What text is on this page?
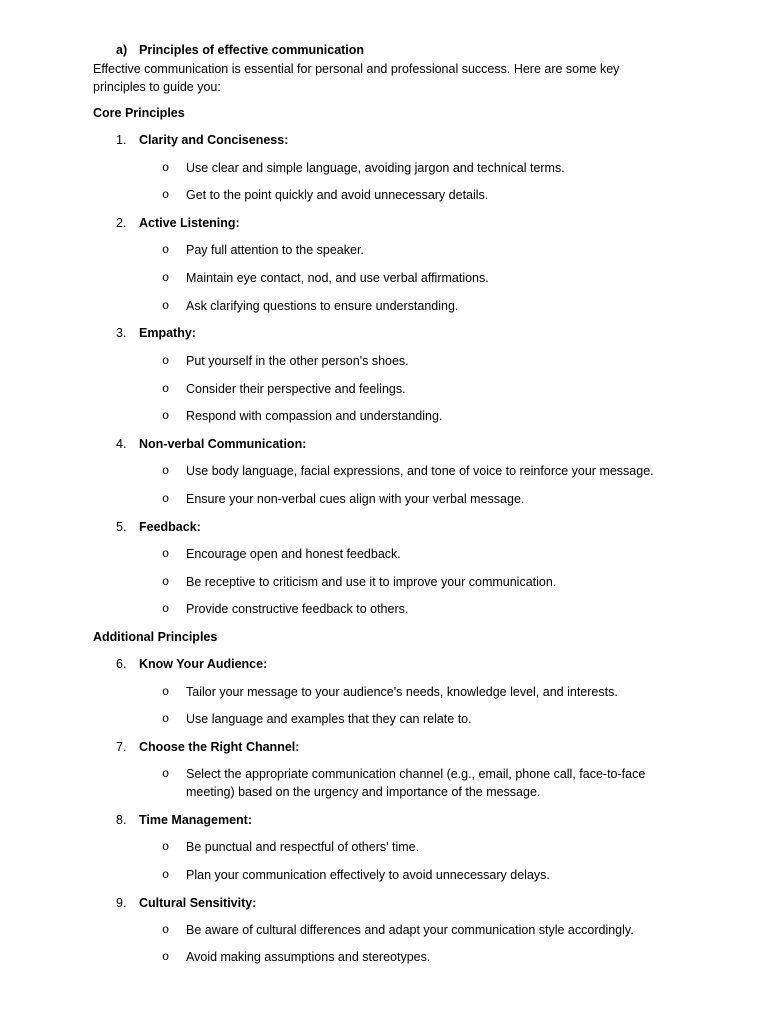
a) Principles of effective communication
Effective communication is essential for personal and professional success. Here are some key principles to guide you:
Core Principles
1. Clarity and Conciseness:
o Use clear and simple language, avoiding jargon and technical terms.
o Get to the point quickly and avoid unnecessary details.
2. Active Listening:
o Pay full attention to the speaker.
o Maintain eye contact, nod, and use verbal affirmations.
o Ask clarifying questions to ensure understanding.
3. Empathy:
o Put yourself in the other person's shoes.
o Consider their perspective and feelings.
o Respond with compassion and understanding.
4. Non-verbal Communication:
o Use body language, facial expressions, and tone of voice to reinforce your message.
o Ensure your non-verbal cues align with your verbal message.
5. Feedback:
o Encourage open and honest feedback.
o Be receptive to criticism and use it to improve your communication.
o Provide constructive feedback to others.
Additional Principles
6. Know Your Audience:
o Tailor your message to your audience's needs, knowledge level, and interests.
o Use language and examples that they can relate to.
7. Choose the Right Channel:
o Select the appropriate communication channel (e.g., email, phone call, face-to-face meeting) based on the urgency and importance of the message.
8. Time Management:
o Be punctual and respectful of others' time.
o Plan your communication effectively to avoid unnecessary delays.
9. Cultural Sensitivity:
o Be aware of cultural differences and adapt your communication style accordingly.
o Avoid making assumptions and stereotypes.
